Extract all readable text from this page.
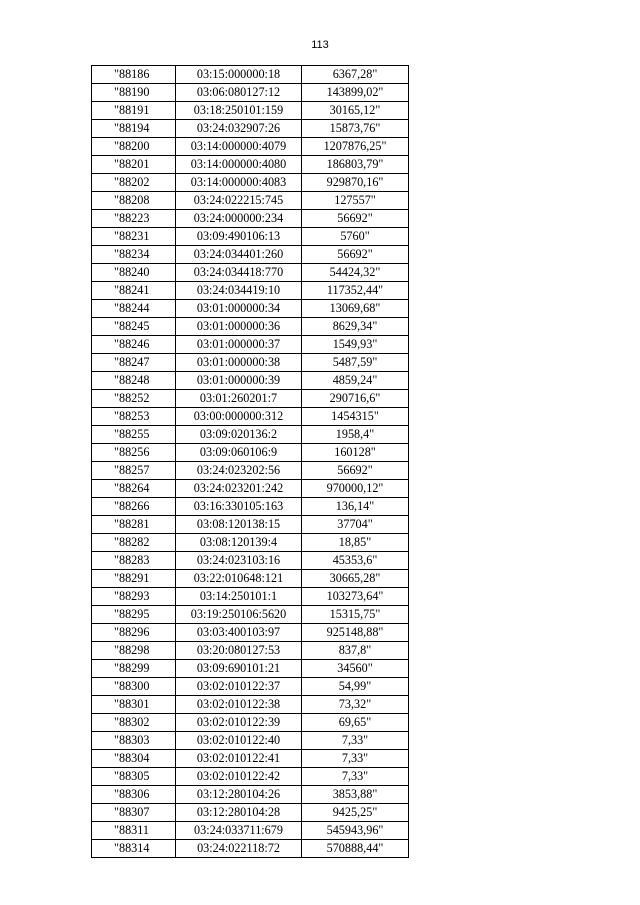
113
"88186	03:15:000000:18	6367,28"
"88190	03:06:080127:12	143899,02"
"88191	03:18:250101:159	30165,12"
"88194	03:24:032907:26	15873,76"
"88200	03:14:000000:4079	1207876,25"
"88201	03:14:000000:4080	186803,79"
"88202	03:14:000000:4083	929870,16"
"88208	03:24:022215:745	127557"
"88223	03:24:000000:234	56692"
"88231	03:09:490106:13	5760"
"88234	03:24:034401:260	56692"
"88240	03:24:034418:770	54424,32"
"88241	03:24:034419:10	117352,44"
"88244	03:01:000000:34	13069,68"
"88245	03:01:000000:36	8629,34"
"88246	03:01:000000:37	1549,93"
"88247	03:01:000000:38	5487,59"
"88248	03:01:000000:39	4859,24"
"88252	03:01:260201:7	290716,6"
"88253	03:00:000000:312	1454315"
"88255	03:09:020136:2	1958,4"
"88256	03:09:060106:9	160128"
"88257	03:24:023202:56	56692"
"88264	03:24:023201:242	970000,12"
"88266	03:16:330105:163	136,14"
"88281	03:08:120138:15	37704"
"88282	03:08:120139:4	18,85"
"88283	03:24:023103:16	45353,6"
"88291	03:22:010648:121	30665,28"
"88293	03:14:250101:1	103273,64"
"88295	03:19:250106:5620	15315,75"
"88296	03:03:400103:97	925148,88"
"88298	03:20:080127:53	837,8"
"88299	03:09:690101:21	34560"
"88300	03:02:010122:37	54,99"
"88301	03:02:010122:38	73,32"
"88302	03:02:010122:39	69,65"
"88303	03:02:010122:40	7,33"
"88304	03:02:010122:41	7,33"
"88305	03:02:010122:42	7,33"
"88306	03:12:280104:26	3853,88"
"88307	03:12:280104:28	9425,25"
"88311	03:24:033711:679	545943,96"
"88314	03:24:022118:72	570888,44"
